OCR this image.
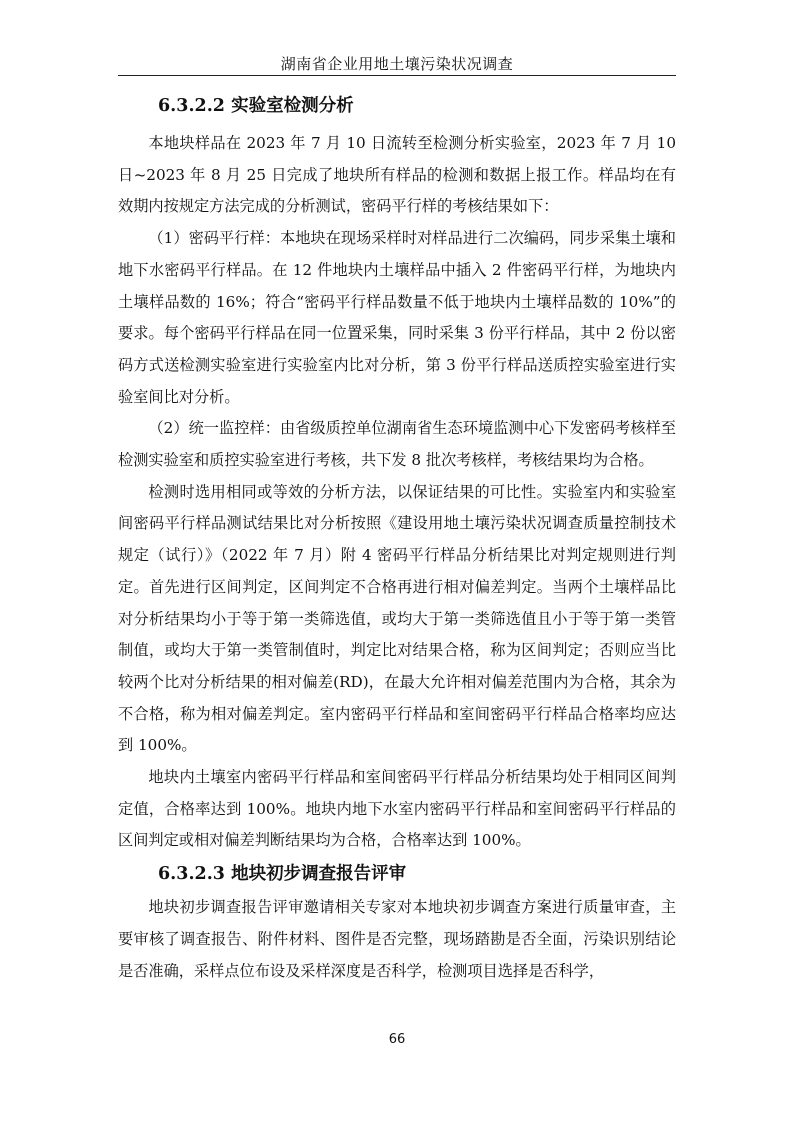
湖南省企业用地土壤污染状况调查
6.3.2.2 实验室检测分析

本地块样品在 2023 年 7 月 10 日流转至检测分析实验室，2023 年 7 月 10 日~2023 年 8 月 25 日完成了地块所有样品的检测和数据上报工作。样品均在有效期内按规定方法完成的分析测试，密码平行样的考核结果如下：

（1）密码平行样：本地块在现场采样时对样品进行二次编码，同步采集土壤和地下水密码平行样品。在 12 件地块内土壤样品中插入 2 件密码平行样，为地块内土壤样品数的 16%；符合“密码平行样品数量不低于地块内土壤样品数的 10%”的要求。每个密码平行样品在同一位置采集，同时采集 3 份平行样品，其中 2 份以密码方式送检测实验室进行实验室内比对分析，第 3 份平行样品送质控实验室进行实验室间比对分析。

（2）统一监控样：由省级质控单位湖南省生态环境监测中心下发密码考核样至检测实验室和质控实验室进行考核，共下发 8 批次考核样，考核结果均为合格。

检测时选用相同或等效的分析方法，以保证结果的可比性。实验室内和实验室间密码平行样品测试结果比对分析按照《建设用地土壤污染状况调查质量控制技术规定（试行）》（2022 年 7 月）附 4 密码平行样品分析结果比对判定规则进行判定。首先进行区间判定，区间判定不合格再进行相对偏差判定。当两个土壤样品比对分析结果均小于等于第一类筛选值，或均大于第一类筛选值且小于等于第一类管制值，或均大于第一类管制值时，判定比对结果合格，称为区间判定；否则应当比较两个比对分析结果的相对偏差(RD)，在最大允许相对偏差范围内为合格，其余为不合格，称为相对偏差判定。室内密码平行样品和室间密码平行样品合格率均应达到 100%。

地块内土壤室内密码平行样品和室间密码平行样品分析结果均处于相同区间判定值，合格率达到 100%。地块内地下水室内密码平行样品和室间密码平行样品的区间判定或相对偏差判断结果均为合格，合格率达到 100%。

6.3.2.3 地块初步调查报告评审

地块初步调查报告评审邀请相关专家对本地块初步调查方案进行质量审查，主要审核了调查报告、附件材料、图件是否完整，现场踏勘是否全面，污染识别结论是否准确，采样点位布设及采样深度是否科学，检测项目选择是否科学，

66
